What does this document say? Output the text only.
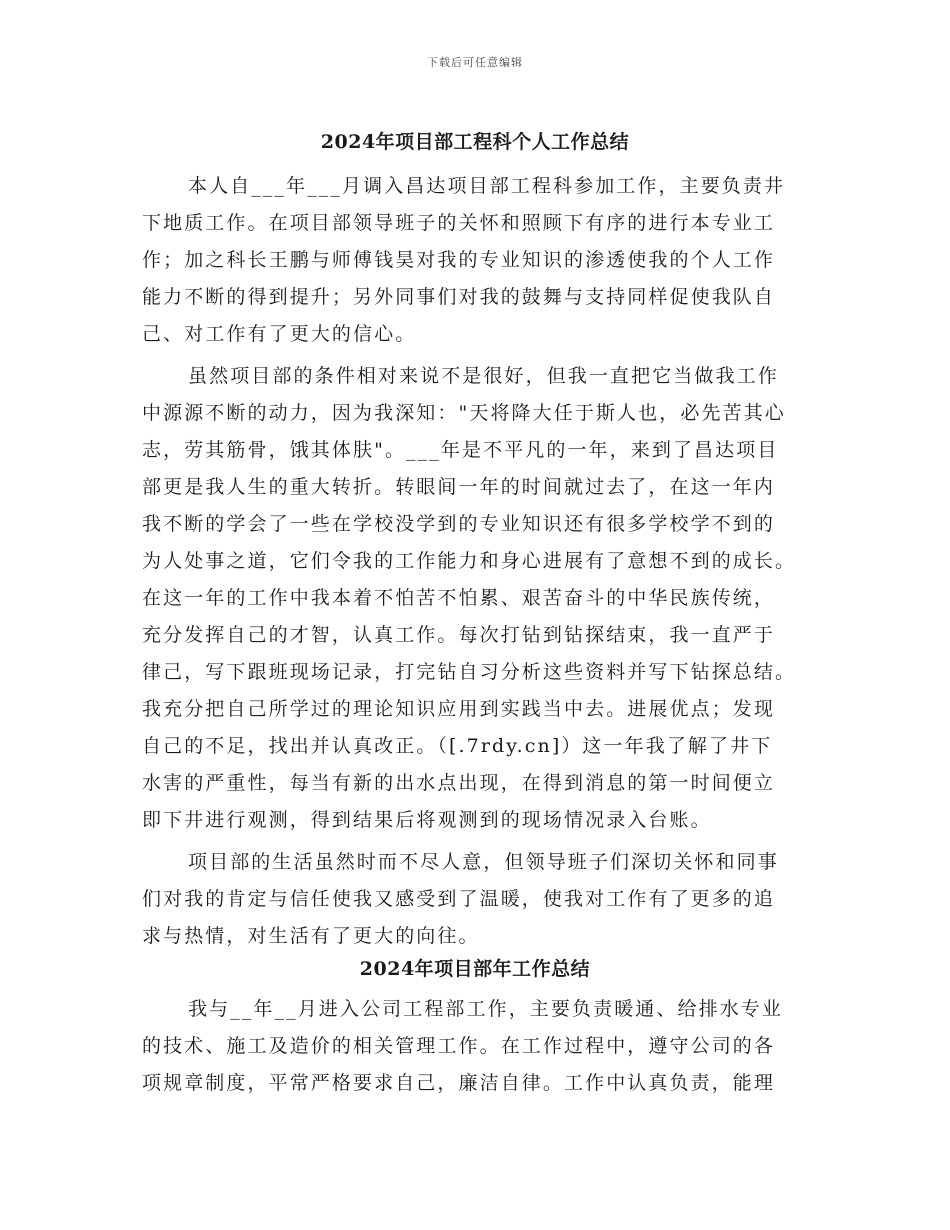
下载后可任意编辑
2024年项目部工程科个人工作总结
本人自___年___月调入昌达项目部工程科参加工作，主要负责井
下地质工作。在项目部领导班子的关怀和照顾下有序的进行本专业工
作；加之科长王鹏与师傅钱昊对我的专业知识的渗透使我的个人工作
能力不断的得到提升；另外同事们对我的鼓舞与支持同样促使我队自
己、对工作有了更大的信心。
虽然项目部的条件相对来说不是很好，但我一直把它当做我工作
中源源不断的动力，因为我深知："天将降大任于斯人也，必先苦其心
志，劳其筋骨，饿其体肤"。___年是不平凡的一年，来到了昌达项目
部更是我人生的重大转折。转眼间一年的时间就过去了，在这一年内
我不断的学会了一些在学校没学到的专业知识还有很多学校学不到的
为人处事之道，它们令我的工作能力和身心进展有了意想不到的成长。
在这一年的工作中我本着不怕苦不怕累、艰苦奋斗的中华民族传统，
充分发挥自己的才智，认真工作。每次打钻到钻探结束，我一直严于
律己，写下跟班现场记录，打完钻自习分析这些资料并写下钻探总结。
我充分把自己所学过的理论知识应用到实践当中去。进展优点；发现
自己的不足，找出并认真改正。（[.7rdy.cn]）这一年我了解了井下
水害的严重性，每当有新的出水点出现，在得到消息的第一时间便立
即下井进行观测，得到结果后将观测到的现场情况录入台账。
项目部的生活虽然时而不尽人意，但领导班子们深切关怀和同事
们对我的肯定与信任使我又感受到了温暖，使我对工作有了更多的追
求与热情，对生活有了更大的向往。
2024年项目部年工作总结
我与__年__月进入公司工程部工作，主要负责暖通、给排水专业
的技术、施工及造价的相关管理工作。在工作过程中，遵守公司的各
项规章制度，平常严格要求自己，廉洁自律。工作中认真负责，能理
